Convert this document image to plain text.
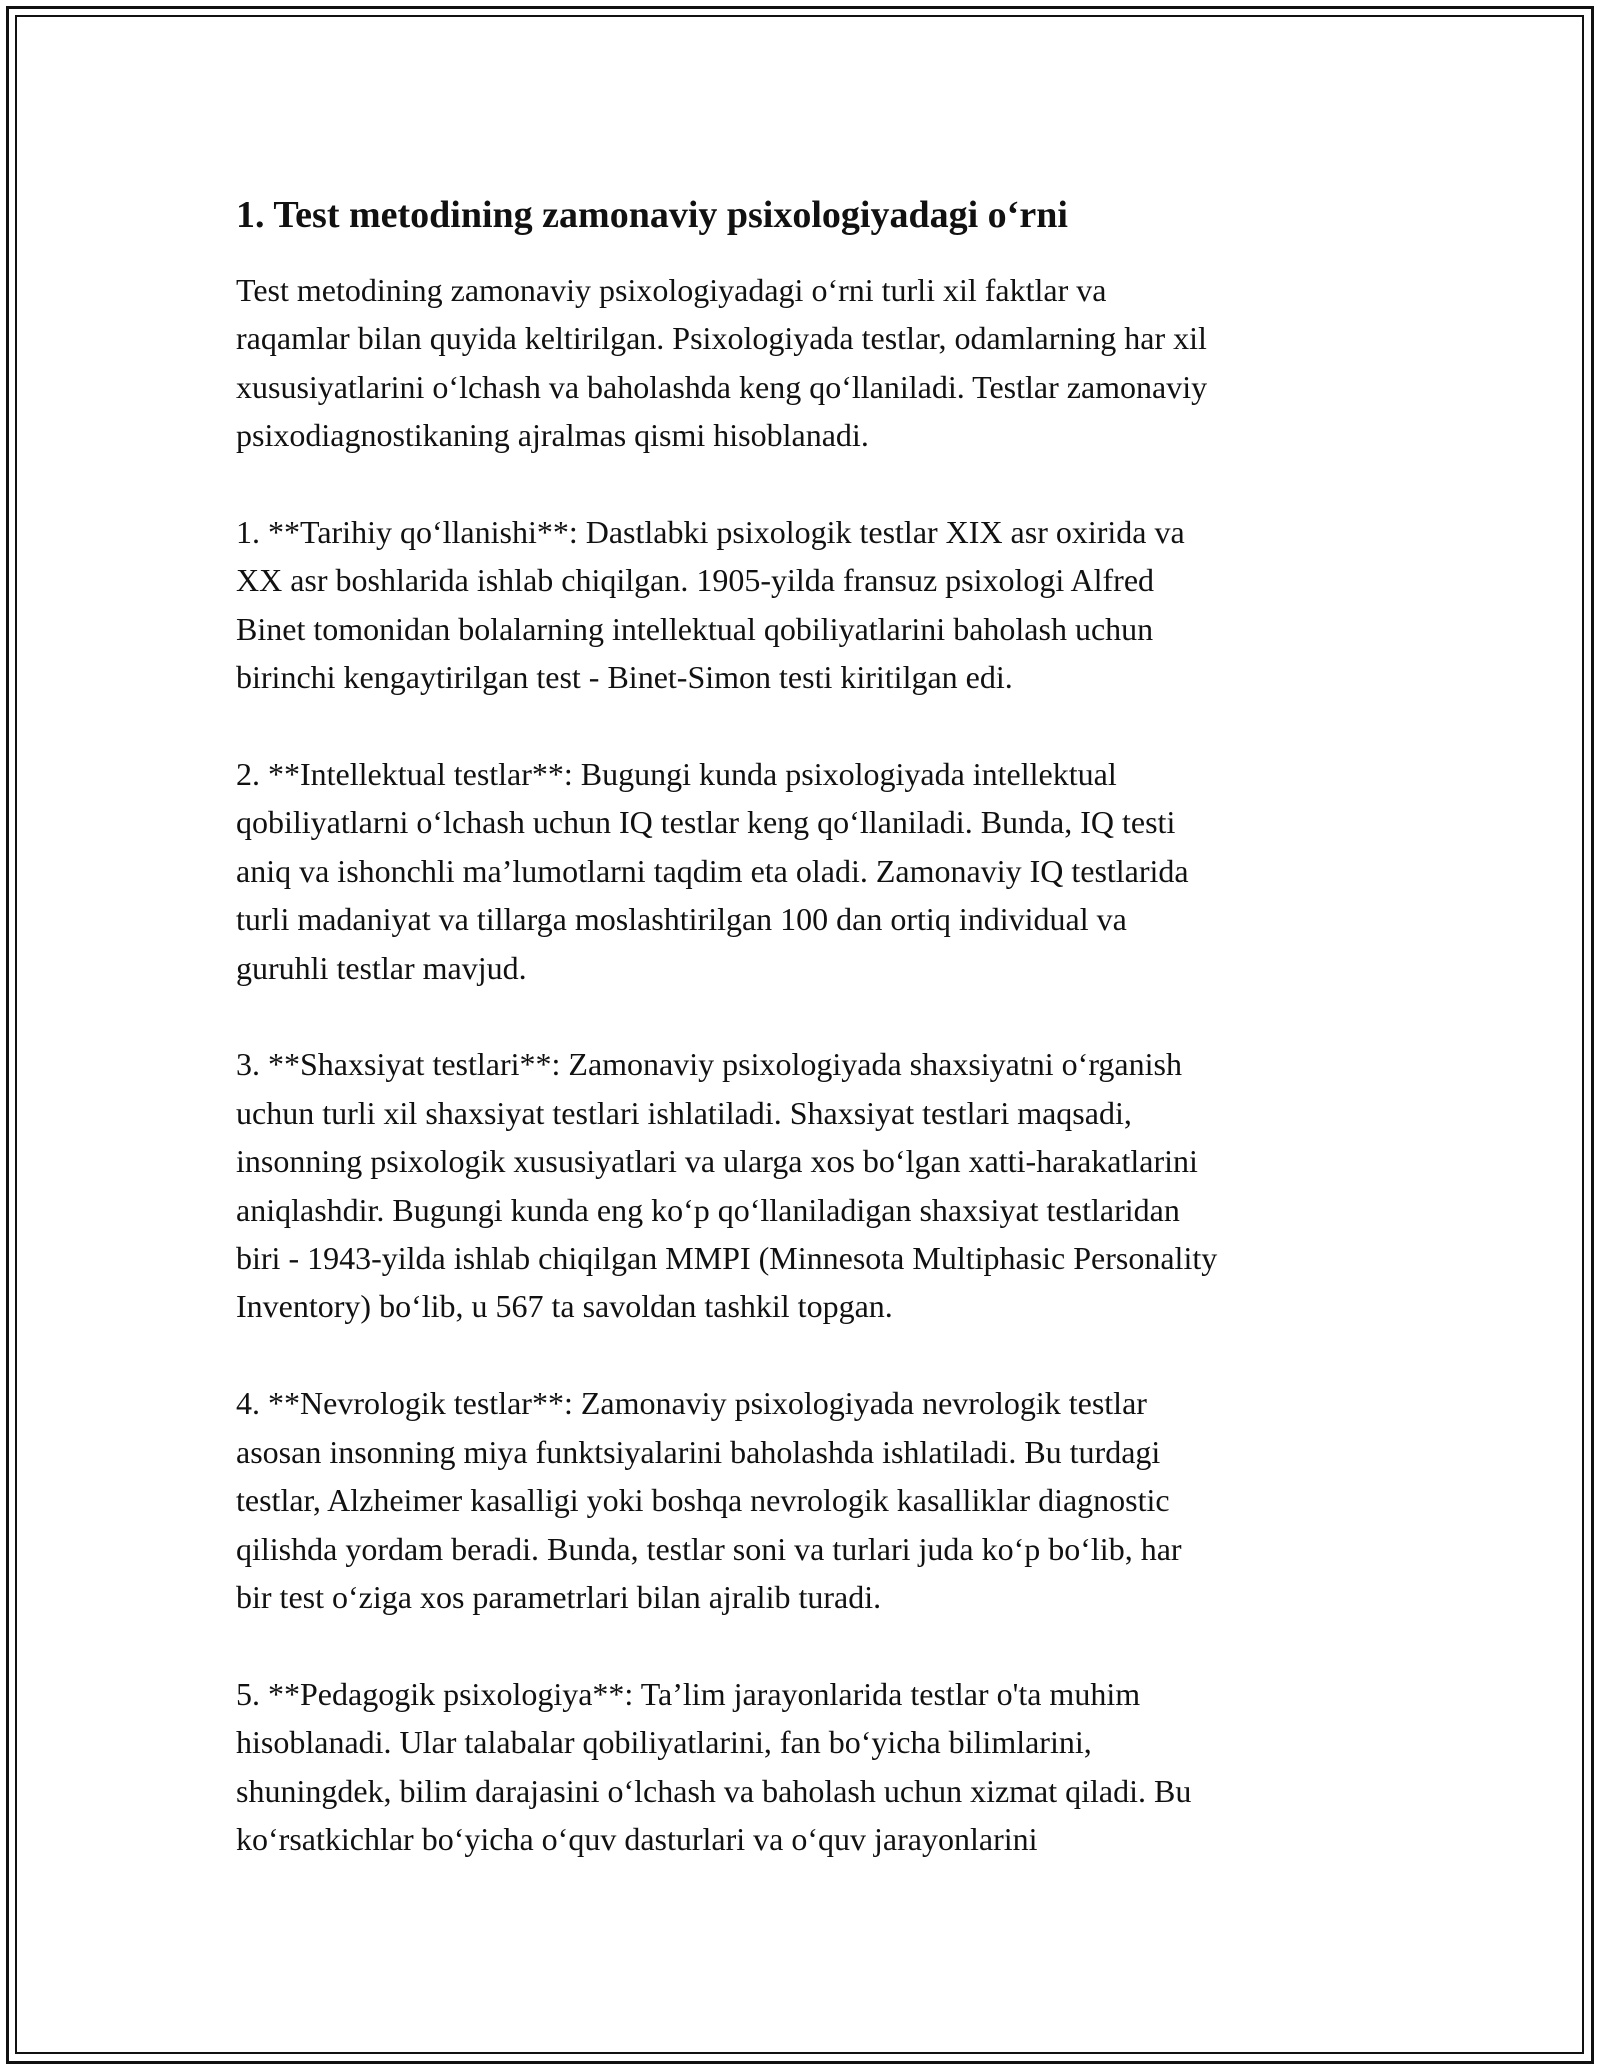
1. Test metodining zamonaviy psixologiyadagi o‘rni
Test metodining zamonaviy psixologiyadagi o‘rni turli xil faktlar va
raqamlar bilan quyida keltirilgan. Psixologiyada testlar, odamlarning har xil
xususiyatlarini o‘lchash va baholashda keng qo‘llaniladi. Testlar zamonaviy
psixodiagnostikaning ajralmas qismi hisoblanadi.
1. **Tarihiy qo‘llanishi**: Dastlabki psixologik testlar XIX asr oxirida va
XX asr boshlarida ishlab chiqilgan. 1905-yilda fransuz psixologi Alfred
Binet tomonidan bolalarning intellektual qobiliyatlarini baholash uchun
birinchi kengaytirilgan test - Binet-Simon testi kiritilgan edi.
2. **Intellektual testlar**: Bugungi kunda psixologiyada intellektual
qobiliyatlarni o‘lchash uchun IQ testlar keng qo‘llaniladi. Bunda, IQ testi
aniq va ishonchli ma’lumotlarni taqdim eta oladi. Zamonaviy IQ testlarida
turli madaniyat va tillarga moslashtirilgan 100 dan ortiq individual va
guruhli testlar mavjud.
3. **Shaxsiyat testlari**: Zamonaviy psixologiyada shaxsiyatni o‘rganish
uchun turli xil shaxsiyat testlari ishlatiladi. Shaxsiyat testlari maqsadi,
insonning psixologik xususiyatlari va ularga xos bo‘lgan xatti-harakatlarini
aniqlashdir. Bugungi kunda eng ko‘p qo‘llaniladigan shaxsiyat testlaridan
biri - 1943-yilda ishlab chiqilgan MMPI (Minnesota Multiphasic Personality
Inventory) bo‘lib, u 567 ta savoldan tashkil topgan.
4. **Nevrologik testlar**: Zamonaviy psixologiyada nevrologik testlar
asosan insonning miya funktsiyalarini baholashda ishlatiladi. Bu turdagi
testlar, Alzheimer kasalligi yoki boshqa nevrologik kasalliklar diagnostic
qilishda yordam beradi. Bunda, testlar soni va turlari juda ko‘p bo‘lib, har
bir test o‘ziga xos parametrlari bilan ajralib turadi.
5. **Pedagogik psixologiya**: Ta’lim jarayonlarida testlar o'ta muhim
hisoblanadi. Ular talabalar qobiliyatlarini, fan bo‘yicha bilimlarini,
shuningdek, bilim darajasini o‘lchash va baholash uchun xizmat qiladi. Bu
ko‘rsatkichlar bo‘yicha o‘quv dasturlari va o‘quv jarayonlarini
